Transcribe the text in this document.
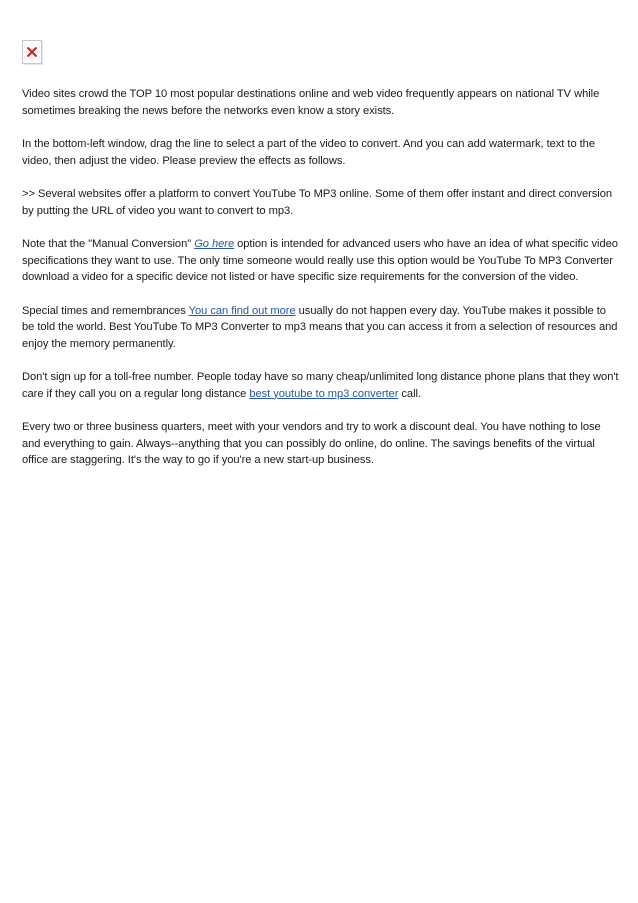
Video sites crowd the TOP 10 most popular destinations online and web video frequently appears on national TV while sometimes breaking the news before the networks even know a story exists.

In the bottom-left window, drag the line to select a part of the video to convert. And you can add watermark, text to the video, then adjust the video. Please preview the effects as follows.

>> Several websites offer a platform to convert YouTube To MP3 online. Some of them offer instant and direct conversion by putting the URL of video you want to convert to mp3.

Note that the "Manual Conversion" Go here option is intended for advanced users who have an idea of what specific video specifications they want to use. The only time someone would really use this option would be YouTube To MP3 Converter download a video for a specific device not listed or have specific size requirements for the conversion of the video.

Special times and remembrances You can find out more usually do not happen every day. YouTube makes it possible to be told the world. Best YouTube To MP3 Converter to mp3 means that you can access it from a selection of resources and enjoy the memory permanently.

Don't sign up for a toll-free number. People today have so many cheap/unlimited long distance phone plans that they won't care if they call you on a regular long distance best youtube to mp3 converter call.

Every two or three business quarters, meet with your vendors and try to work a discount deal. You have nothing to lose and everything to gain. Always--anything that you can possibly do online, do online. The savings benefits of the virtual office are staggering. It's the way to go if you're a new start-up business.
